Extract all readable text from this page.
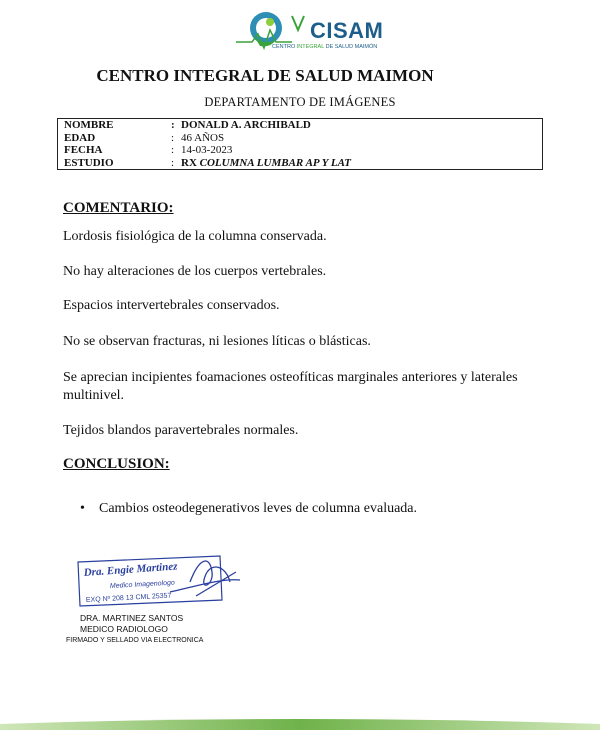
CISAM
CENTRO INTEGRAL DE SALUD MAIMÓN
CENTRO INTEGRAL DE SALUD MAIMON
DEPARTAMENTO DE IMÁGENES
NOMBRE	: DONALD A. ARCHIBALD
EDAD	: 46 AÑOS
FECHA	: 14-03-2023
ESTUDIO	: RX COLUMNA LUMBAR AP Y LAT
COMENTARIO:
Lordosis fisiológica de la columna conservada.
No hay alteraciones de los cuerpos vertebrales.
Espacios intervertebrales conservados.
No se observan fracturas, ni lesiones líticas o blásticas.
Se aprecian incipientes foamaciones osteofíticas marginales anteriores y laterales multinivel.
Tejidos blandos paravertebrales normales.
CONCLUSION:
• Cambios osteodegenerativos leves de columna evaluada.
Dra. Engie Martinez
Medico Imagenologo
EXQ Nº 208 13 CML 25357
DRA. MARTINEZ SANTOS
MEDICO RADIOLOGO
FIRMADO Y SELLADO VIA ELECTRONICA
